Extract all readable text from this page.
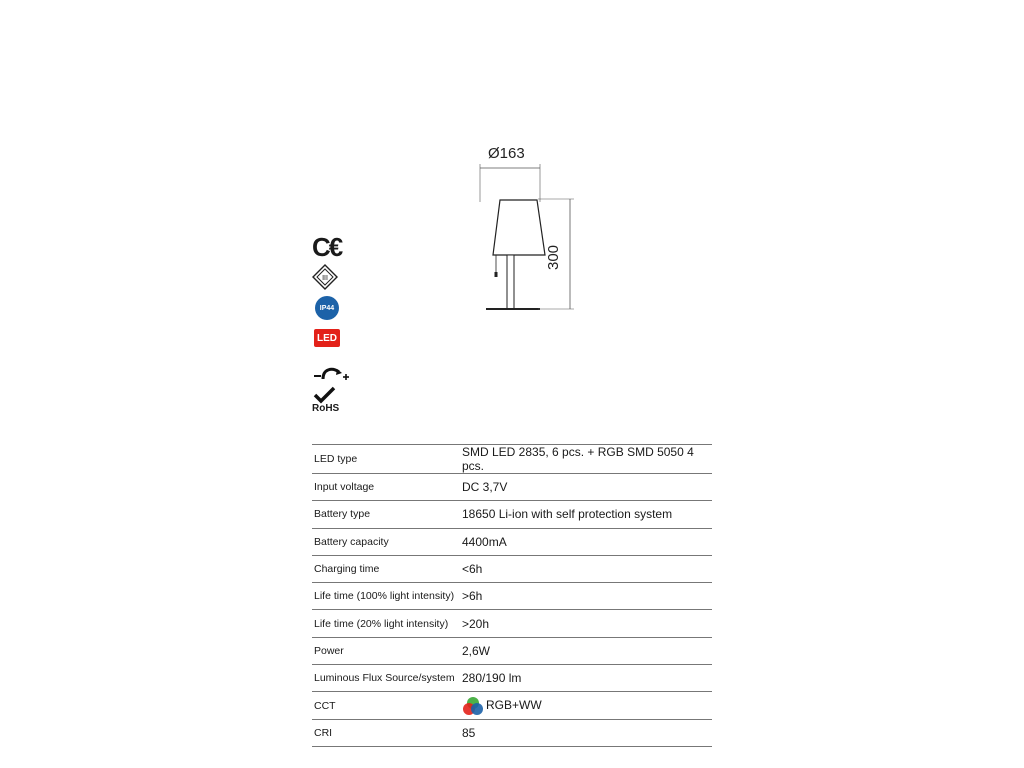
Ø163
300
C€
III
IP44
LED
RoHS
LED type	SMD LED 2835, 6 pcs. + RGB SMD 5050 4 pcs.
Input voltage	DC 3,7V
Battery type	18650 Li-ion with self protection system
Battery capacity	4400mA
Charging time	<6h
Life time (100% light intensity)	>6h
Life time (20% light intensity)	>20h
Power	2,6W
Luminous Flux Source/system	280/190 lm
CCT	RGB+WW
CRI	85
